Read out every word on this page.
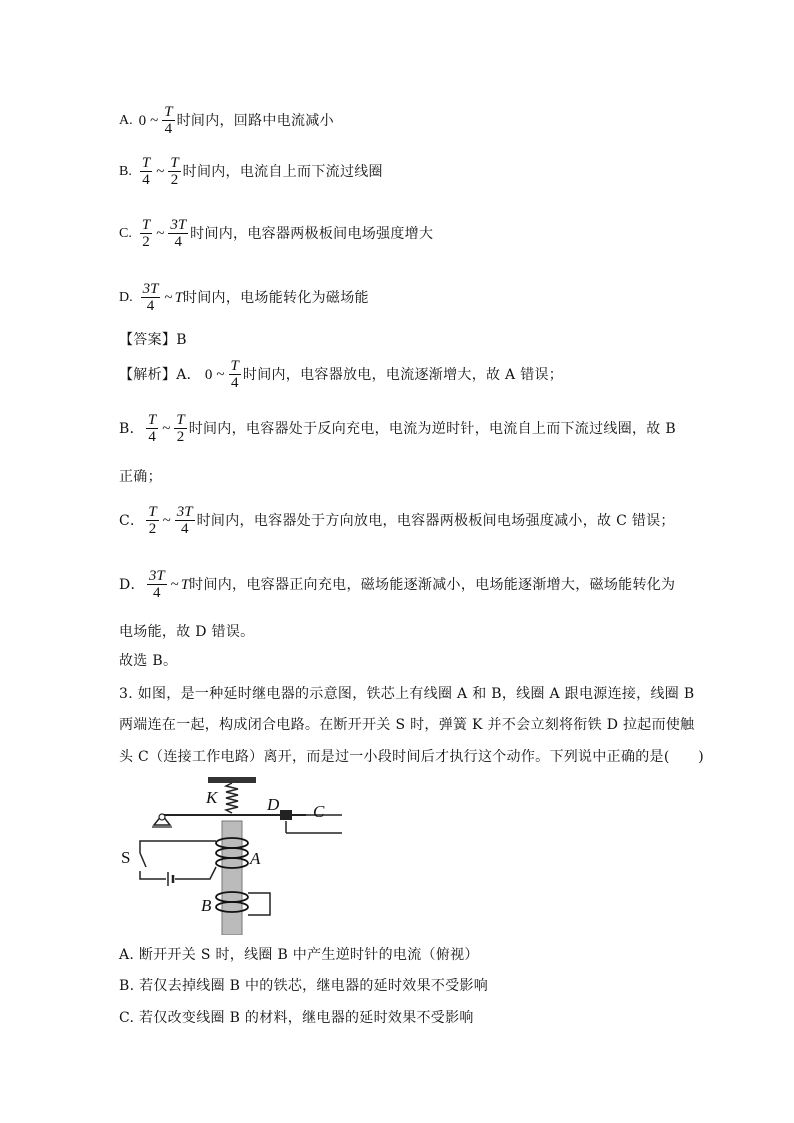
A. 0 ~ $\frac{T}{4}$ 时间内，回路中电流减小
B. $\frac{T}{4}$ ~ $\frac{T}{2}$ 时间内，电流自上而下流过线圈
C. $\frac{T}{2}$ ~ $\frac{3T}{4}$ 时间内，电容器两极板间电场强度增大
D. $\frac{3T}{4}$ ~ T 时间内，电场能转化为磁场能
【答案】B
【解析】A． 0 ~ $\frac{T}{4}$ 时间内，电容器放电，电流逐渐增大，故 A 错误；
B． $\frac{T}{4}$ ~ $\frac{T}{2}$ 时间内，电容器处于反向充电，电流为逆时针，电流自上而下流过线圈，故 B
正确；
C． $\frac{T}{2}$ ~ $\frac{3T}{4}$ 时间内，电容器处于方向放电，电容器两极板间电场强度减小，故 C 错误；
D． $\frac{3T}{4}$ ~ T 时间内，电容器正向充电，磁场能逐渐减小，电场能逐渐增大，磁场能转化为
电场能，故 D 错误。
故选 B。
3. 如图，是一种延时继电器的示意图，铁芯上有线圈 A 和 B，线圈 A 跟电源连接，线圈 B
两端连在一起，构成闭合电路。在断开开关 S 时，弹簧 K 并不会立刻将衔铁 D 拉起而使触
头 C（连接工作电路）离开，而是过一小段时间后才执行这个动作。下列说中正确的是(　　)
K	D C
S	A
B
A. 断开开关 S 时，线圈 B 中产生逆时针的电流（俯视）
B. 若仅去掉线圈 B 中的铁芯，继电器的延时效果不受影响
C. 若仅改变线圈 B 的材料，继电器的延时效果不受影响
